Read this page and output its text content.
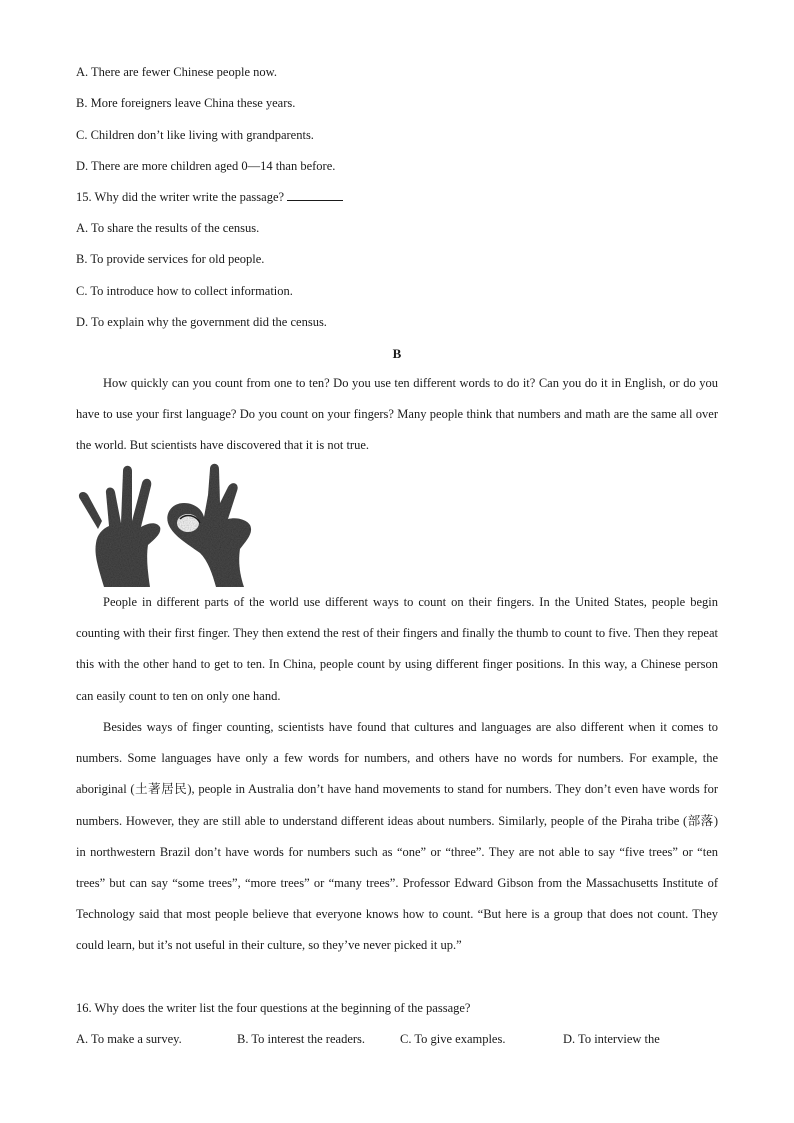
A. There are fewer Chinese people now.
B. More foreigners leave China these years.
C. Children don’t like living with grandparents.
D. There are more children aged 0—14 than before.
15. Why did the writer write the passage?
A. To share the results of the census.
B. To provide services for old people.
C. To introduce how to collect information.
D. To explain why the government did the census.
B
How quickly can you count from one to ten? Do you use ten different words to do it? Can you do it in English, or do you have to use your first language? Do you count on your fingers? Many people think that numbers and math are the same all over the world. But scientists have discovered that it is not true.
People in different parts of the world use different ways to count on their fingers. In the United States, people begin counting with their first finger. They then extend the rest of their fingers and finally the thumb to count to five. Then they repeat this with the other hand to get to ten. In China, people count by using different finger positions. In this way, a Chinese person can easily count to ten on only one hand.
Besides ways of finger counting, scientists have found that cultures and languages are also different when it comes to numbers. Some languages have only a few words for numbers, and others have no words for numbers. For example, the aboriginal (土著居民), people in Australia don’t have hand movements to stand for numbers. They don’t even have words for numbers. However, they are still able to understand different ideas about numbers. Similarly, people of the Piraha tribe (部落) in northwestern Brazil don’t have words for numbers such as “one” or “three”. They are not able to say “five trees” or “ten trees” but can say “some trees”, “more trees” or “many trees”. Professor Edward Gibson from the Massachusetts Institute of Technology said that most people believe that everyone knows how to count. “But here is a group that does not count. They could learn, but it’s not useful in their culture, so they’ve never picked it up.”
16. Why does the writer list the four questions at the beginning of the passage?
A. To make a survey.	B. To interest the readers.	C. To give examples.	D. To interview the
